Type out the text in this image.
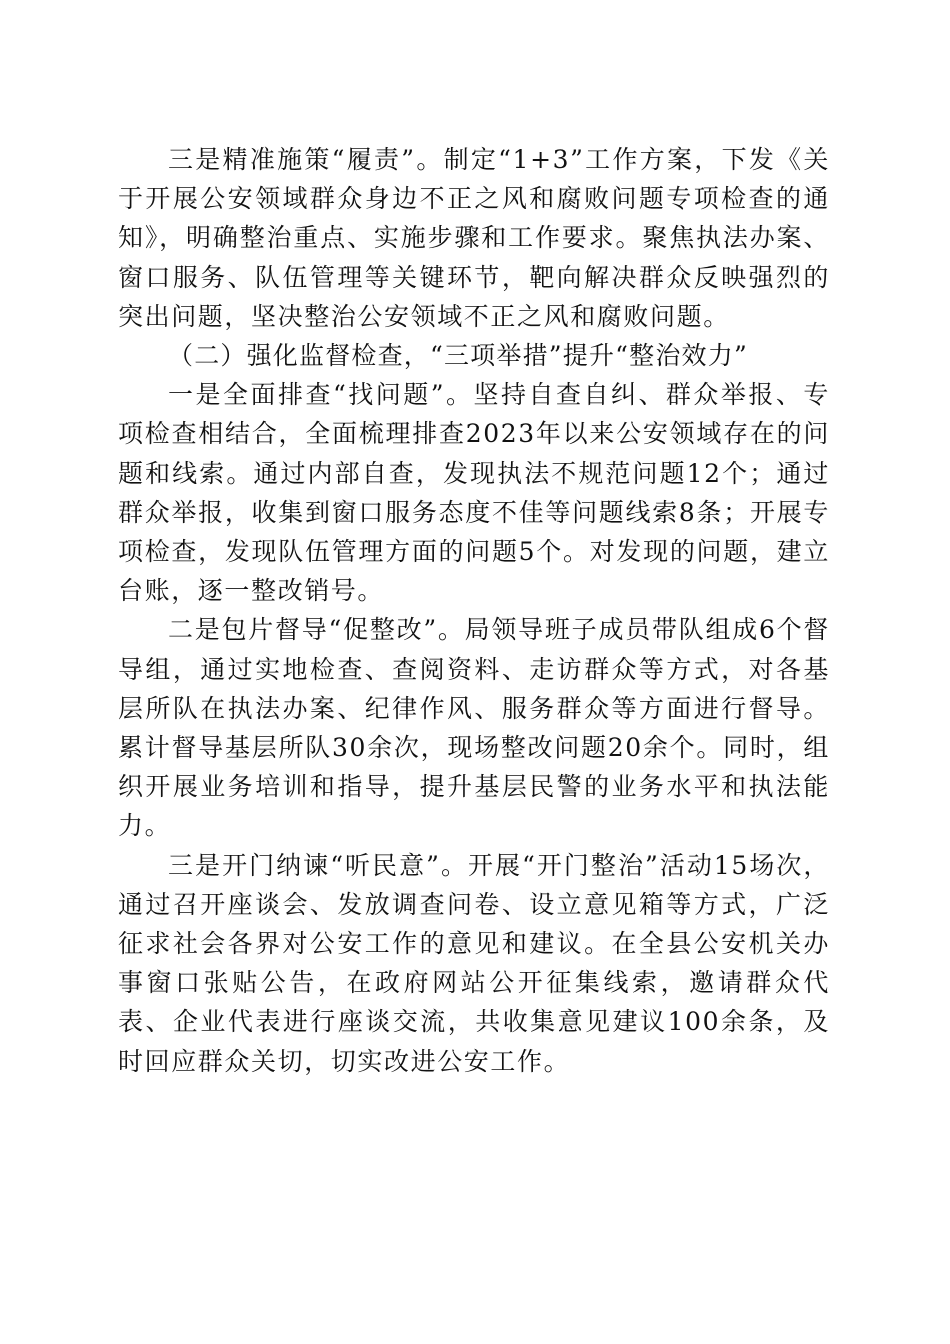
三是精准施策“履责”。制定“1+3”工作方案，下发《关于开展公安领域群众身边不正之风和腐败问题专项检查的通知》，明确整治重点、实施步骤和工作要求。聚焦执法办案、窗口服务、队伍管理等关键环节，靶向解决群众反映强烈的突出问题，坚决整治公安领域不正之风和腐败问题。

（二）强化监督检查，“三项举措”提升“整治效力”

一是全面排查“找问题”。坚持自查自纠、群众举报、专项检查相结合，全面梳理排查2023年以来公安领域存在的问题和线索。通过内部自查，发现执法不规范问题12个；通过群众举报，收集到窗口服务态度不佳等问题线索8条；开展专项检查，发现队伍管理方面的问题5个。对发现的问题，建立台账，逐一整改销号。

二是包片督导“促整改”。局领导班子成员带队组成6个督导组，通过实地检查、查阅资料、走访群众等方式，对各基层所队在执法办案、纪律作风、服务群众等方面进行督导。累计督导基层所队30余次，现场整改问题20余个。同时，组织开展业务培训和指导，提升基层民警的业务水平和执法能力。

三是开门纳谏“听民意”。开展“开门整治”活动15场次，通过召开座谈会、发放调查问卷、设立意见箱等方式，广泛征求社会各界对公安工作的意见和建议。在全县公安机关办事窗口张贴公告，在政府网站公开征集线索，邀请群众代表、企业代表进行座谈交流，共收集意见建议100余条，及时回应群众关切，切实改进公安工作。
